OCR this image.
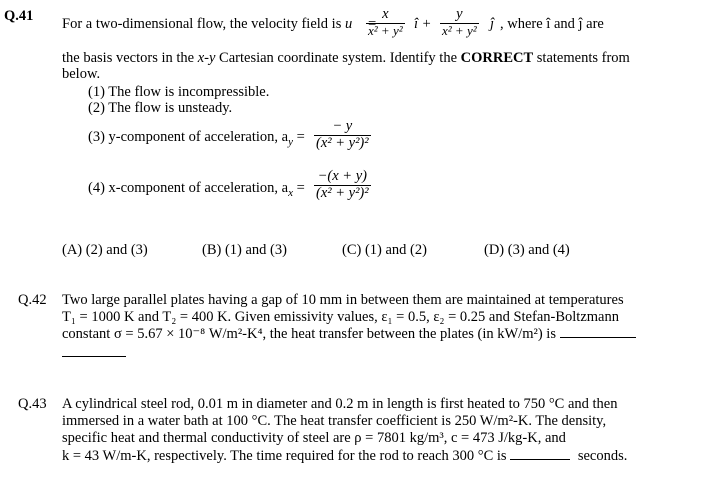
Q.41 For a two-dimensional flow, the velocity field is u⃗ =
$\frac{x}{\text{x² + y²}}$ î + $\frac{y}{\text{x² + y²}}$ ĵ , where î and ĵ are
the basis vectors in the x-y Cartesian coordinate system. Identify the CORRECT statements from
below.
(1) The flow is incompressible.
(2) The flow is unsteady.
(3) y-component of acceleration, $a_y = \frac{- y}{\text{(x² + y²)²}}$
(4) x-component of acceleration, $a_x = \frac{-(x + y)}{\text{(x² + y²)²}}$
(A) (2) and (3)	(B) (1) and (3)	(C) (1) and (2)	(D) (3) and (4)
Q.42 Two large parallel plates having a gap of 10 mm in between them are maintained at temperatures
T₁ = 1000 K and T₂ = 400 K. Given emissivity values, ε₁ = 0.5, ε₂ = 0.25 and Stefan-Boltzmann
constant σ = 5.67 × 10⁻⁸ W/m²-K⁴, the heat transfer between the plates (in kW/m²) is
Q.43 A cylindrical steel rod, 0.01 m in diameter and 0.2 m in length is first heated to 750 °C and then
immersed in a water bath at 100 °C. The heat transfer coefficient is 250 W/m²-K. The density,
specific heat and thermal conductivity of steel are ρ = 7801 kg/m³, c = 473 J/kg-K, and
k = 43 W/m-K, respectively. The time required for the rod to reach 300 °C is	seconds.
